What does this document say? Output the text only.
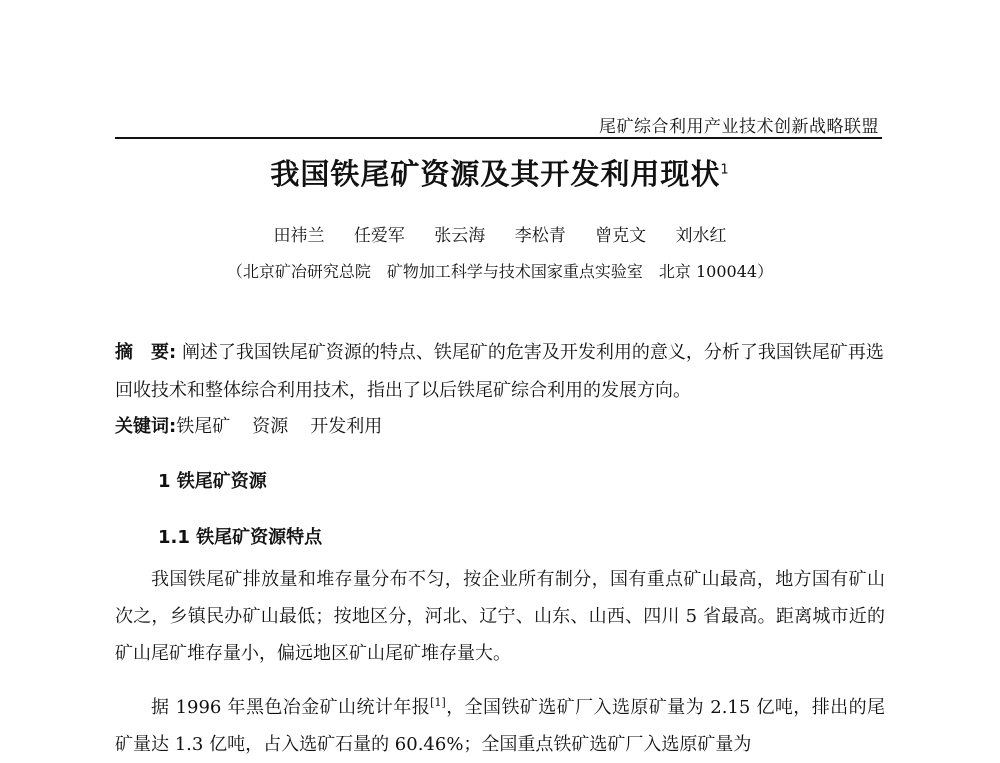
尾矿综合利用产业技术创新战略联盟
我国铁尾矿资源及其开发利用现状$^1$
田祎兰 任爱军 张云海 李松青 曾克文 刘水红
（北京矿冶研究总院　矿物加工科学与技术国家重点实验室　北京 100044）
摘　要: 阐述了我国铁尾矿资源的特点、铁尾矿的危害及开发利用的意义，分析了我国铁尾矿再选回收技术和整体综合利用技术，指出了以后铁尾矿综合利用的发展方向。
关键词:铁尾矿 资源 开发利用
1 铁尾矿资源
1.1 铁尾矿资源特点

我国铁尾矿排放量和堆存量分布不匀，按企业所有制分，国有重点矿山最高，地方国有矿山次之，乡镇民办矿山最低；按地区分，河北、辽宁、山东、山西、四川 5 省最高。距离城市近的矿山尾矿堆存量小，偏远地区矿山尾矿堆存量大。

据 1996 年黑色冶金矿山统计年报[1]，全国铁矿选矿厂入选原矿量为 2.15 亿吨，排出的尾矿量达 1.3 亿吨，占入选矿石量的 60.46%；全国重点铁矿选矿厂入选原矿量为
